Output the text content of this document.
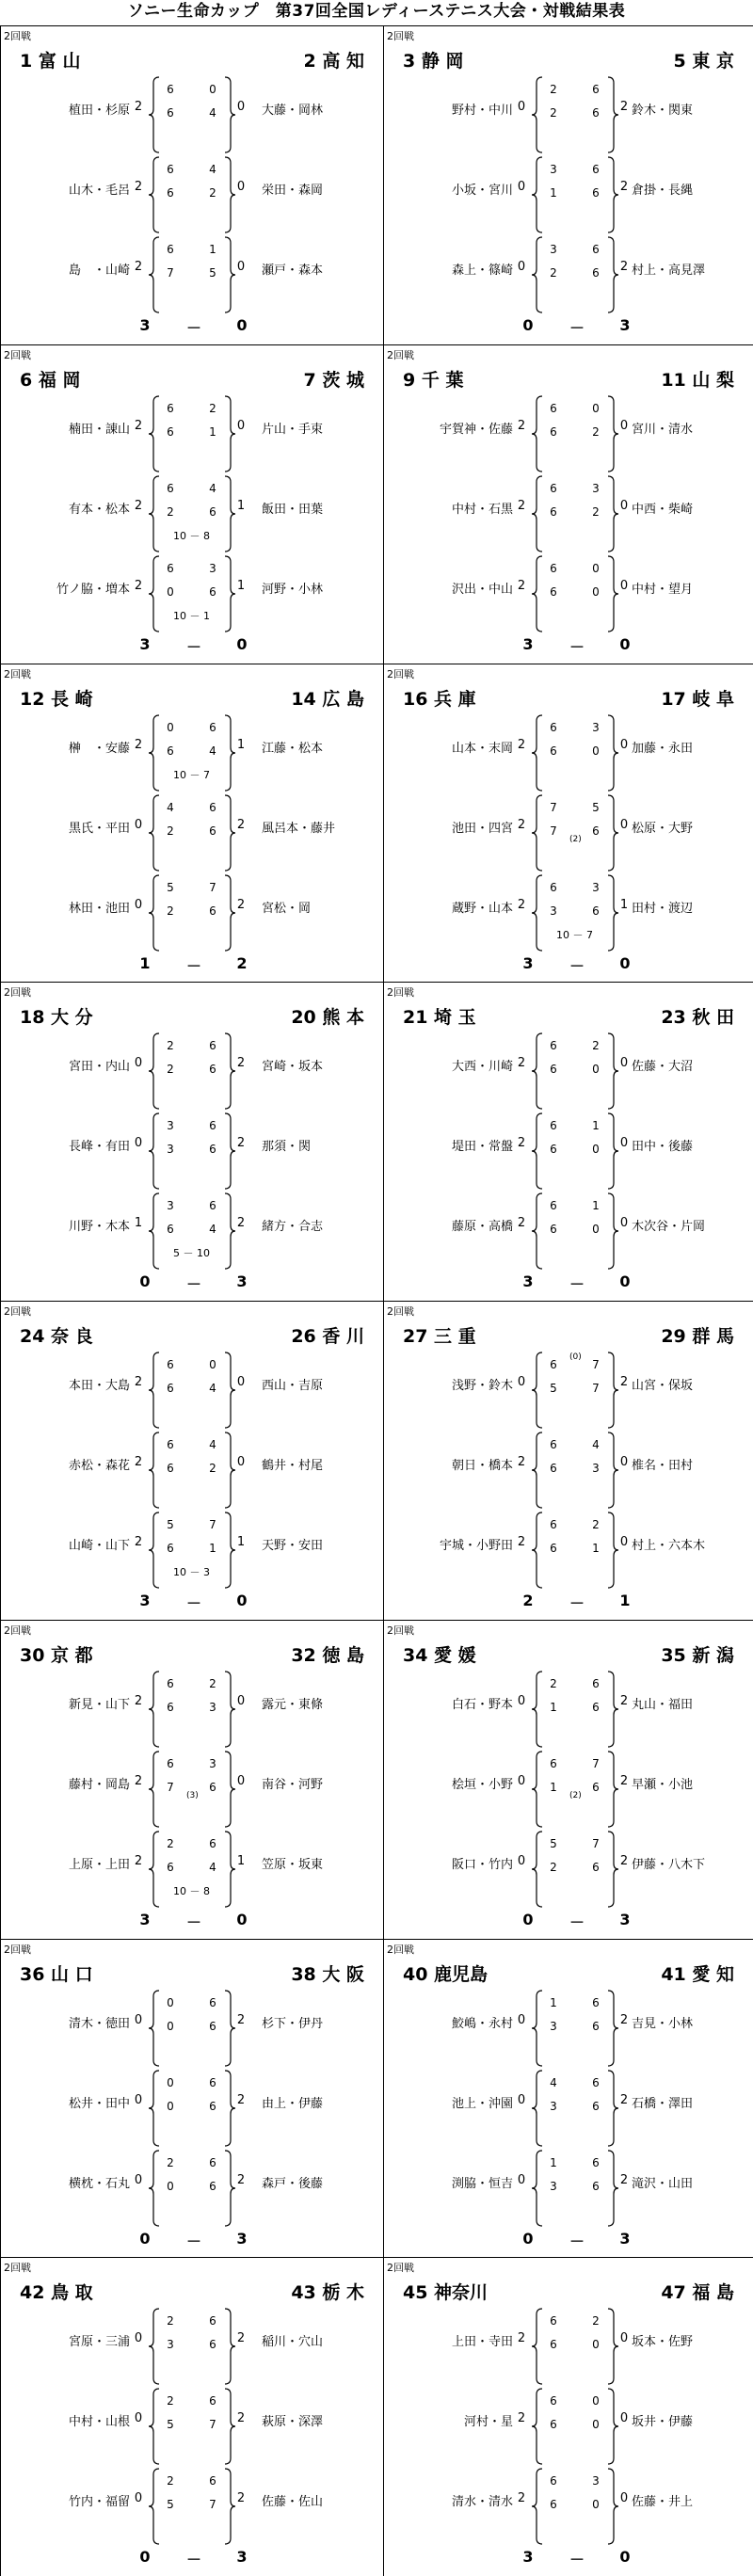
ソニー生命カップ　第37回全国レディーステニス大会・対戦結果表
2回戦
1 富 山	2 高 知
植田・杉原 2
6	0
6	4 0 大藤・岡林
山木・毛呂 2
6	4
6	2 0 栄田・森岡
島　・山崎 2
6	1
7	5 0 瀬戸・森本
3	－	0
2回戦
3 静 岡	5 東 京
野村・中川 0
2	6
2	6 2 鈴木・関東
小坂・宮川 0
3	6
1	6 2 倉掛・長縄
森上・篠崎 0
3	6
2	6 2 村上・高見澤
0	－	3
2回戦
6 福 岡	7 茨 城
楠田・諌山 2
6	2
6	1 0 片山・手束
有本・松本 2
6	4
2	6
10 － 8
1 飯田・田葉
竹ノ脇・増本 2
6	3
0	6
10 － 1
1 河野・小林
3	－	0
2回戦
9 千 葉	11 山 梨
宇賀神・佐藤 2
6	0
6	2 0 宮川・清水
中村・石黒 2
6	3
6	2 0 中西・柴崎
沢出・中山 2
6	0
6	0 0 中村・望月
3	－	0
2回戦
12 長 崎	14 広 島
榊　・安藤 2
0	6
6	4
10 － 7
1 江藤・松本
黒氏・平田 0
4	6
2	6 2 風呂本・藤井
林田・池田 0
5	7
2	6 2 宮松・岡
1	－	2
2回戦
16 兵 庫	17 岐 阜
山本・末岡 2
6	3
6	0 0 加藤・永田
池田・四宮 2
7	5
7	6
(2)
0 松原・大野
蔵野・山本 2
6	3
3	6
10 － 7
1 田村・渡辺
3	－	0
2回戦
18 大 分	20 熊 本
宮田・内山 0
2	6
2	6 2 宮崎・坂本
長峰・有田 0
3	6
3	6 2 那須・関
川野・木本 1
3	6
6	4
5 － 10
2 緒方・合志
0	－	3
2回戦
21 埼 玉	23 秋 田
大西・川崎 2
6	2
6	0 0 佐藤・大沼
堤田・常盤 2
6	1
6	0 0 田中・後藤
藤原・高橋 2
6	1
6	0 0 木次谷・片岡
3	－	0
2回戦
24 奈 良	26 香 川
本田・大島 2
6	0
6	4 0 西山・吉原
赤松・森花 2
6	4
6	2 0 鶴井・村尾
山崎・山下 2
5	7
6	1
10 － 3
1 天野・安田
3	－	0
2回戦
27 三 重	29 群 馬
浅野・鈴木 0
6	7
5	7
(0)
2 山宮・保坂
朝日・橋本 2
6	4
6	3 0 椎名・田村
宇城・小野田 2
6	2
6	1 0 村上・六本木
2	－	1
2回戦
30 京 都	32 徳 島
新見・山下 2
6	2
6	3 0 露元・東條
藤村・岡島 2
6	3
7	6
(3)
0 南谷・河野
上原・上田 2
2	6
6	4
10 － 8
1 笠原・坂東
3	－	0
2回戦
34 愛 媛	35 新 潟
白石・野本 0
2	6
1	6 2 丸山・福田
桧垣・小野 0
6	7
1	6
(2)
2 早瀬・小池
阪口・竹内 0
5	7
2	6 2 伊藤・八木下
0	－	3
2回戦
36 山 口	38 大 阪
清木・徳田 0
0	6
0	6 2 杉下・伊丹
松井・田中 0
0	6
0	6 2 由上・伊藤
横枕・石丸 0
2	6
0	6 2 森戸・後藤
0	－	3
2回戦
40 鹿児島	41 愛 知
鮫嶋・永村 0
1	6
3	6 2 吉見・小林
池上・沖園 0
4	6
3	6 2 石橋・澤田
渕脇・恒吉 0
1	6
3	6 2 滝沢・山田
0	－	3
2回戦
42 鳥 取	43 栃 木
宮原・三浦 0
2	6
3	6 2 稲川・穴山
中村・山根 0
2	6
5	7 2 萩原・深澤
竹内・福留 0
2	6
5	7 2 佐藤・佐山
0	－	3
2回戦
45 神奈川	47 福 島
上田・寺田 2
6	2
6	0 0 坂本・佐野
河村・星 2
6	0
6	0 0 坂井・伊藤
清水・清水 2
6	3
6	0 0 佐藤・井上
3	－	0
